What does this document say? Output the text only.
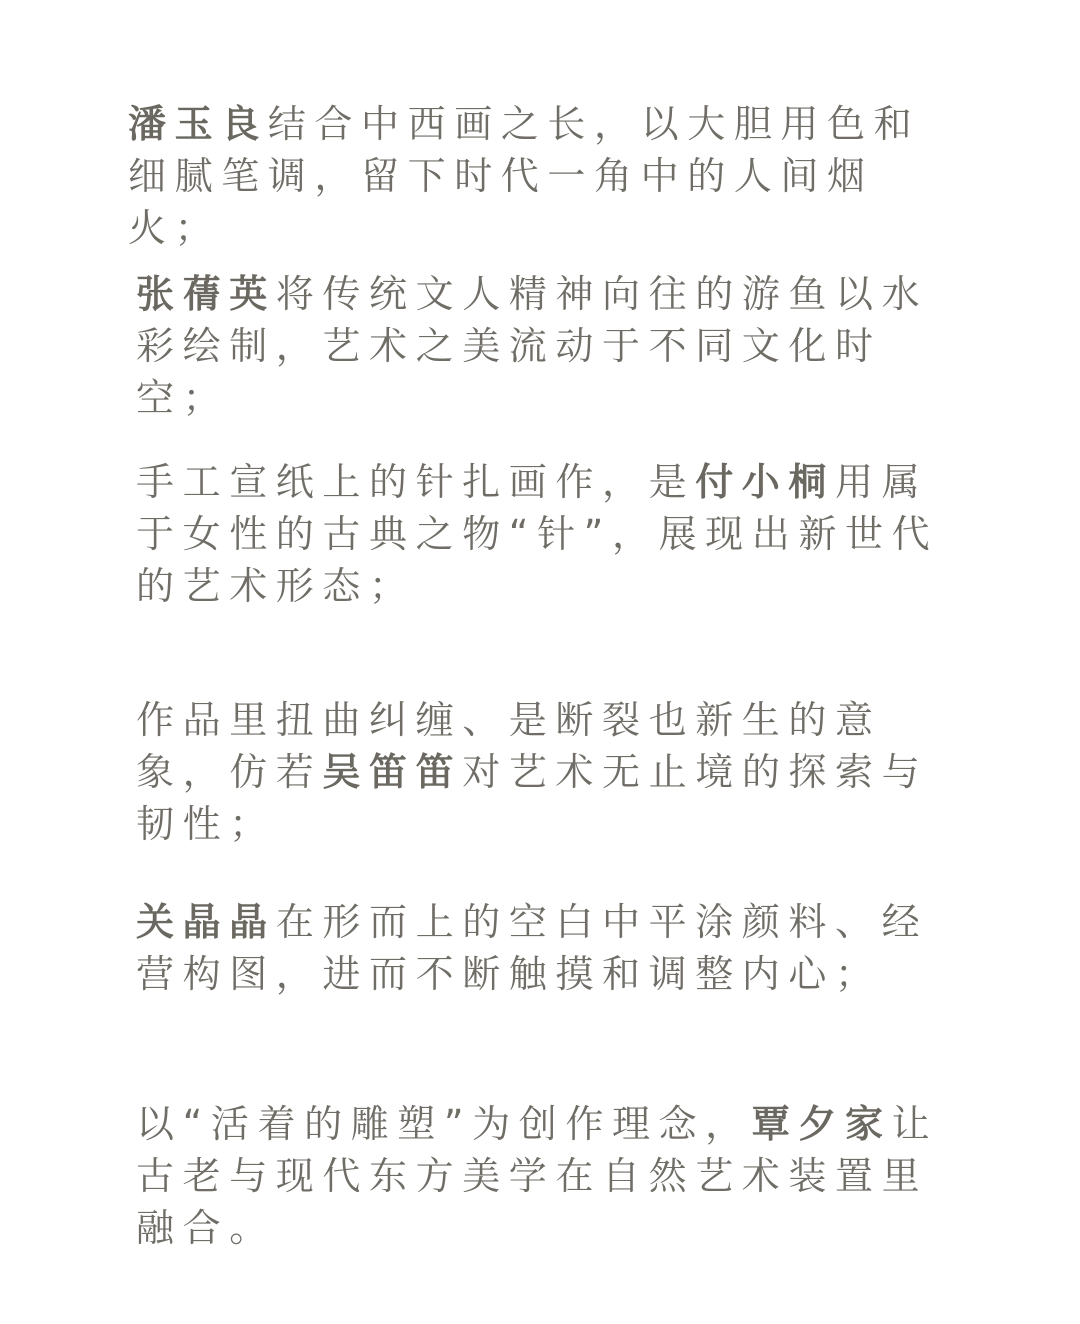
潘玉良结合中西画之长，以大胆用色和细腻笔调，留下时代一角中的人间烟火；

张蒨英将传统文人精神向往的游鱼以水彩绘制，艺术之美流动于不同文化时空；

手工宣纸上的针扎画作，是付小桐用属于女性的古典之物“针”，展现出新世代的艺术形态；

作品里扭曲纠缠、是断裂也新生的意象，仿若吴笛笛对艺术无止境的探索与韧性；

关晶晶在形而上的空白中平涂颜料、经营构图，进而不断触摸和调整内心；

以“活着的雕塑”为创作理念，覃夕家让古老与现代东方美学在自然艺术装置里融合。
